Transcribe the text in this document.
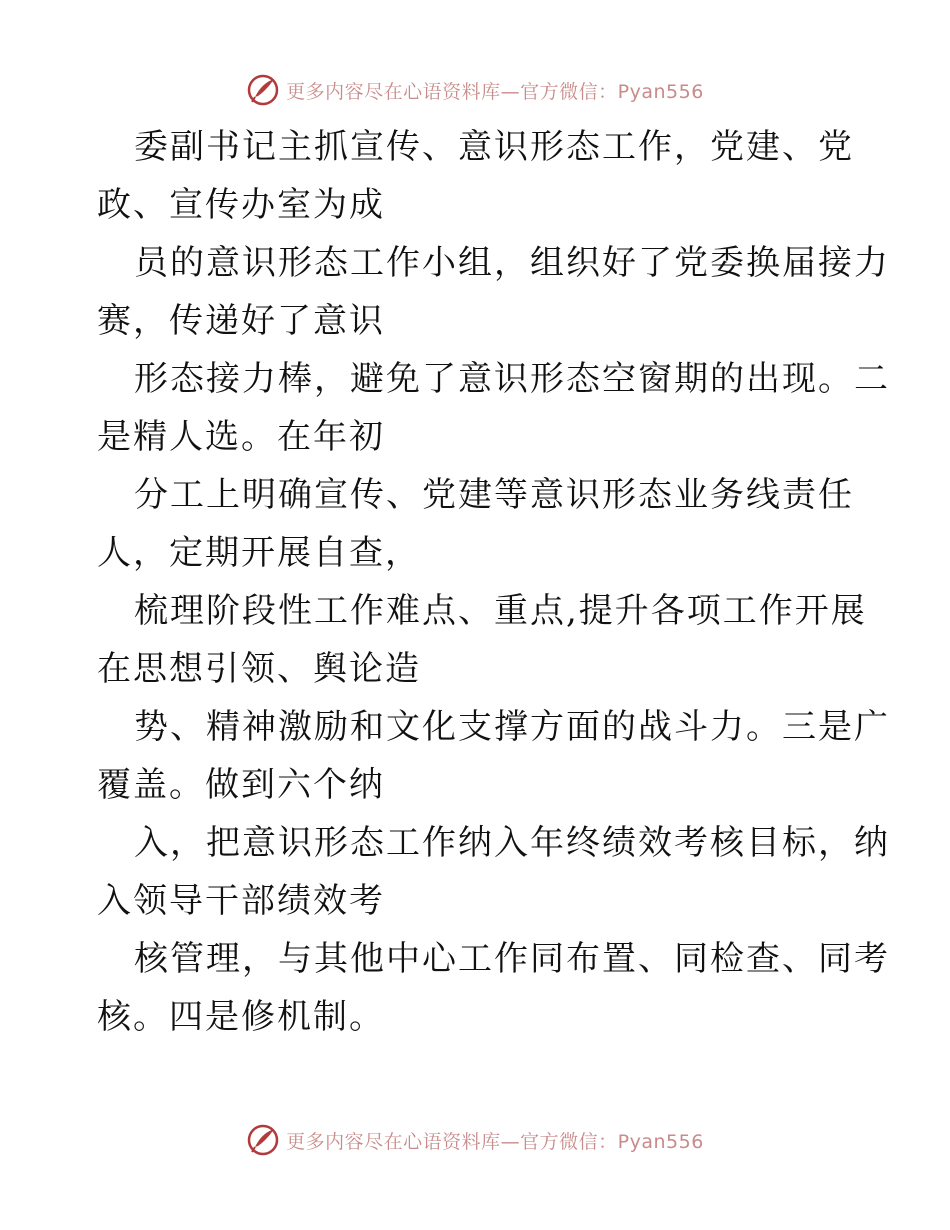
更多内容尽在心语资料库—官方微信：Pyan556
委副书记主抓宣传、意识形态工作，党建、党
政、宣传办室为成
员的意识形态工作小组，组织好了党委换届接力
赛，传递好了意识
形态接力棒，避免了意识形态空窗期的出现。二
是精人选。在年初
分工上明确宣传、党建等意识形态业务线责任
人，定期开展自查，
梳理阶段性工作难点、重点,提升各项工作开展
在思想引领、舆论造
势、精神激励和文化支撑方面的战斗力。三是广
覆盖。做到六个纳
入，把意识形态工作纳入年终绩效考核目标，纳
入领导干部绩效考
核管理，与其他中心工作同布置、同检查、同考
核。四是修机制。
更多内容尽在心语资料库—官方微信：Pyan556
